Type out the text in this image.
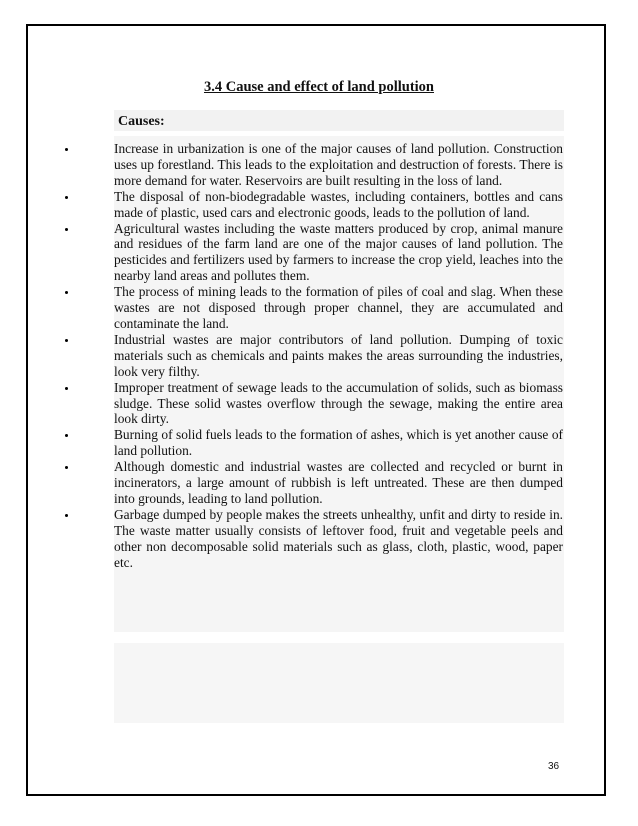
3.4 Cause and effect of land pollution
Causes:
Increase in urbanization is one of the major causes of land pollution. Construction uses up forestland. This leads to the exploitation and destruction of forests. There is more demand for water. Reservoirs are built resulting in the loss of land.
The disposal of non-biodegradable wastes, including containers, bottles and cans made of plastic, used cars and electronic goods, leads to the pollution of land.
Agricultural wastes including the waste matters produced by crop, animal manure and residues of the farm land are one of the major causes of land pollution. The pesticides and fertilizers used by farmers to increase the crop yield, leaches into the nearby land areas and pollutes them.
The process of mining leads to the formation of piles of coal and slag. When these wastes are not disposed through proper channel, they are accumulated and contaminate the land.
Industrial wastes are major contributors of land pollution. Dumping of toxic materials such as chemicals and paints makes the areas surrounding the industries, look very filthy.
Improper treatment of sewage leads to the accumulation of solids, such as biomass sludge. These solid wastes overflow through the sewage, making the entire area look dirty.
Burning of solid fuels leads to the formation of ashes, which is yet another cause of land pollution.
Although domestic and industrial wastes are collected and recycled or burnt in incinerators, a large amount of rubbish is left untreated. These are then dumped into grounds, leading to land pollution.
Garbage dumped by people makes the streets unhealthy, unfit and dirty to reside in. The waste matter usually consists of leftover food, fruit and vegetable peels and other non decomposable solid materials such as glass, cloth, plastic, wood, paper etc.
36
